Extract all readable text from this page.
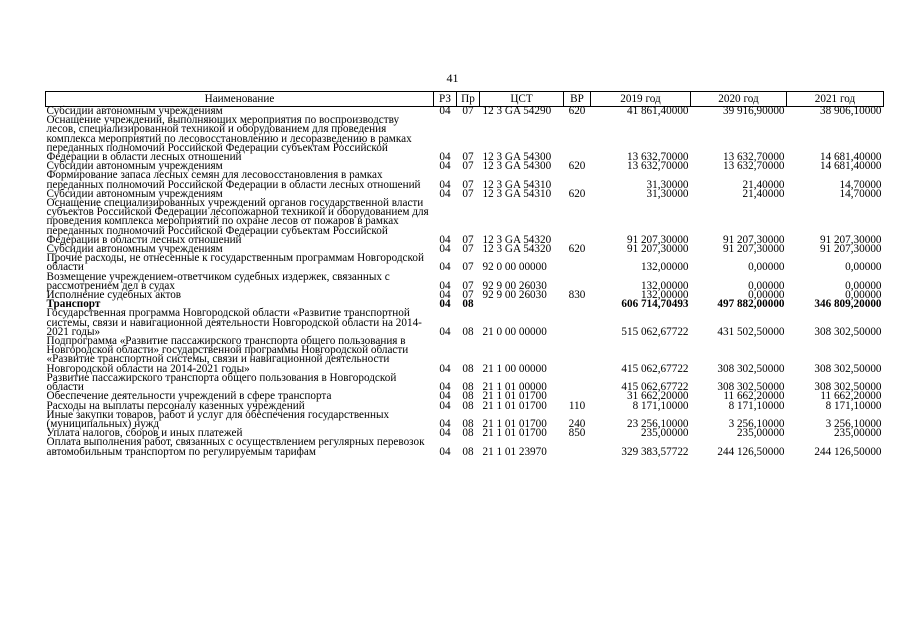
41
Наименование	РЗ	Пр	ЦСТ	ВР	2019 год	2020 год	2021 год
Субсидии автономным учреждениям	04	07	12 3 GA 54290	620	41 861,40000	39 916,90000	38 906,10000
Оснащение учреждений, выполняющих мероприятия по воспроизводству лесов, специализированной техникой и оборудованием для проведения комплекса мероприятий по лесовосстановлению и лесоразведению в рамках переданных полномочий Российской Федерации субъектам Российской Федерации в области лесных отношений	04	07	12 3 GA 54300		13 632,70000	13 632,70000	14 681,40000
Субсидии автономным учреждениям	04	07	12 3 GA 54300	620	13 632,70000	13 632,70000	14 681,40000
Формирование запаса лесных семян для лесовосстановления в рамках переданных полномочий Российской Федерации в области лесных отношений	04	07	12 3 GA 54310		31,30000	21,40000	14,70000
Субсидии автономным учреждениям	04	07	12 3 GA 54310	620	31,30000	21,40000	14,70000
Оснащение специализированных учреждений органов государственной власти субъектов Российской Федерации лесопожарной техникой и оборудованием для проведения комплекса мероприятий по охране лесов от пожаров в рамках переданных полномочий Российской Федерации субъектам Российской Федерации в области лесных отношений	04	07	12 3 GA 54320		91 207,30000	91 207,30000	91 207,30000
Субсидии автономным учреждениям	04	07	12 3 GA 54320	620	91 207,30000	91 207,30000	91 207,30000
Прочие расходы, не отнесенные к государственным программам Новгородской области	04	07	92 0 00 00000		132,00000	0,00000	0,00000
Возмещение учреждением-ответчиком судебных издержек, связанных с рассмотрением дел в судах	04	07	92 9 00 26030		132,00000	0,00000	0,00000
Исполнение судебных актов	04	07	92 9 00 26030	830	132,00000	0,00000	0,00000
Транспорт	04	08			606 714,70493	497 882,00000	346 809,20000
Государственная программа Новгородской области «Развитие транспортной системы, связи и навигационной деятельности Новгородской области на 2014-2021 годы»	04	08	21 0 00 00000		515 062,67722	431 502,50000	308 302,50000
Подпрограмма «Развитие пассажирского транспорта общего пользования в Новгородской области» государственной программы Новгородской области «Развитие транспортной системы, связи и навигационной деятельности Новгородской области на 2014-2021 годы»	04	08	21 1 00 00000		415 062,67722	308 302,50000	308 302,50000
Развитие пассажирского транспорта общего пользования в Новгородской области	04	08	21 1 01 00000		415 062,67722	308 302,50000	308 302,50000
Обеспечение деятельности учреждений в сфере транспорта	04	08	21 1 01 01700		31 662,20000	11 662,20000	11 662,20000
Расходы на выплаты персоналу казенных учреждений	04	08	21 1 01 01700	110	8 171,10000	8 171,10000	8 171,10000
Иные закупки товаров, работ и услуг для обеспечения государственных (муниципальных) нужд	04	08	21 1 01 01700	240	23 256,10000	3 256,10000	3 256,10000
Уплата налогов, сборов и иных платежей	04	08	21 1 01 01700	850	235,00000	235,00000	235,00000
Оплата выполнения работ, связанных с осуществлением регулярных перевозок автомобильным транспортом по регулируемым тарифам	04	08	21 1 01 23970		329 383,57722	244 126,50000	244 126,50000
